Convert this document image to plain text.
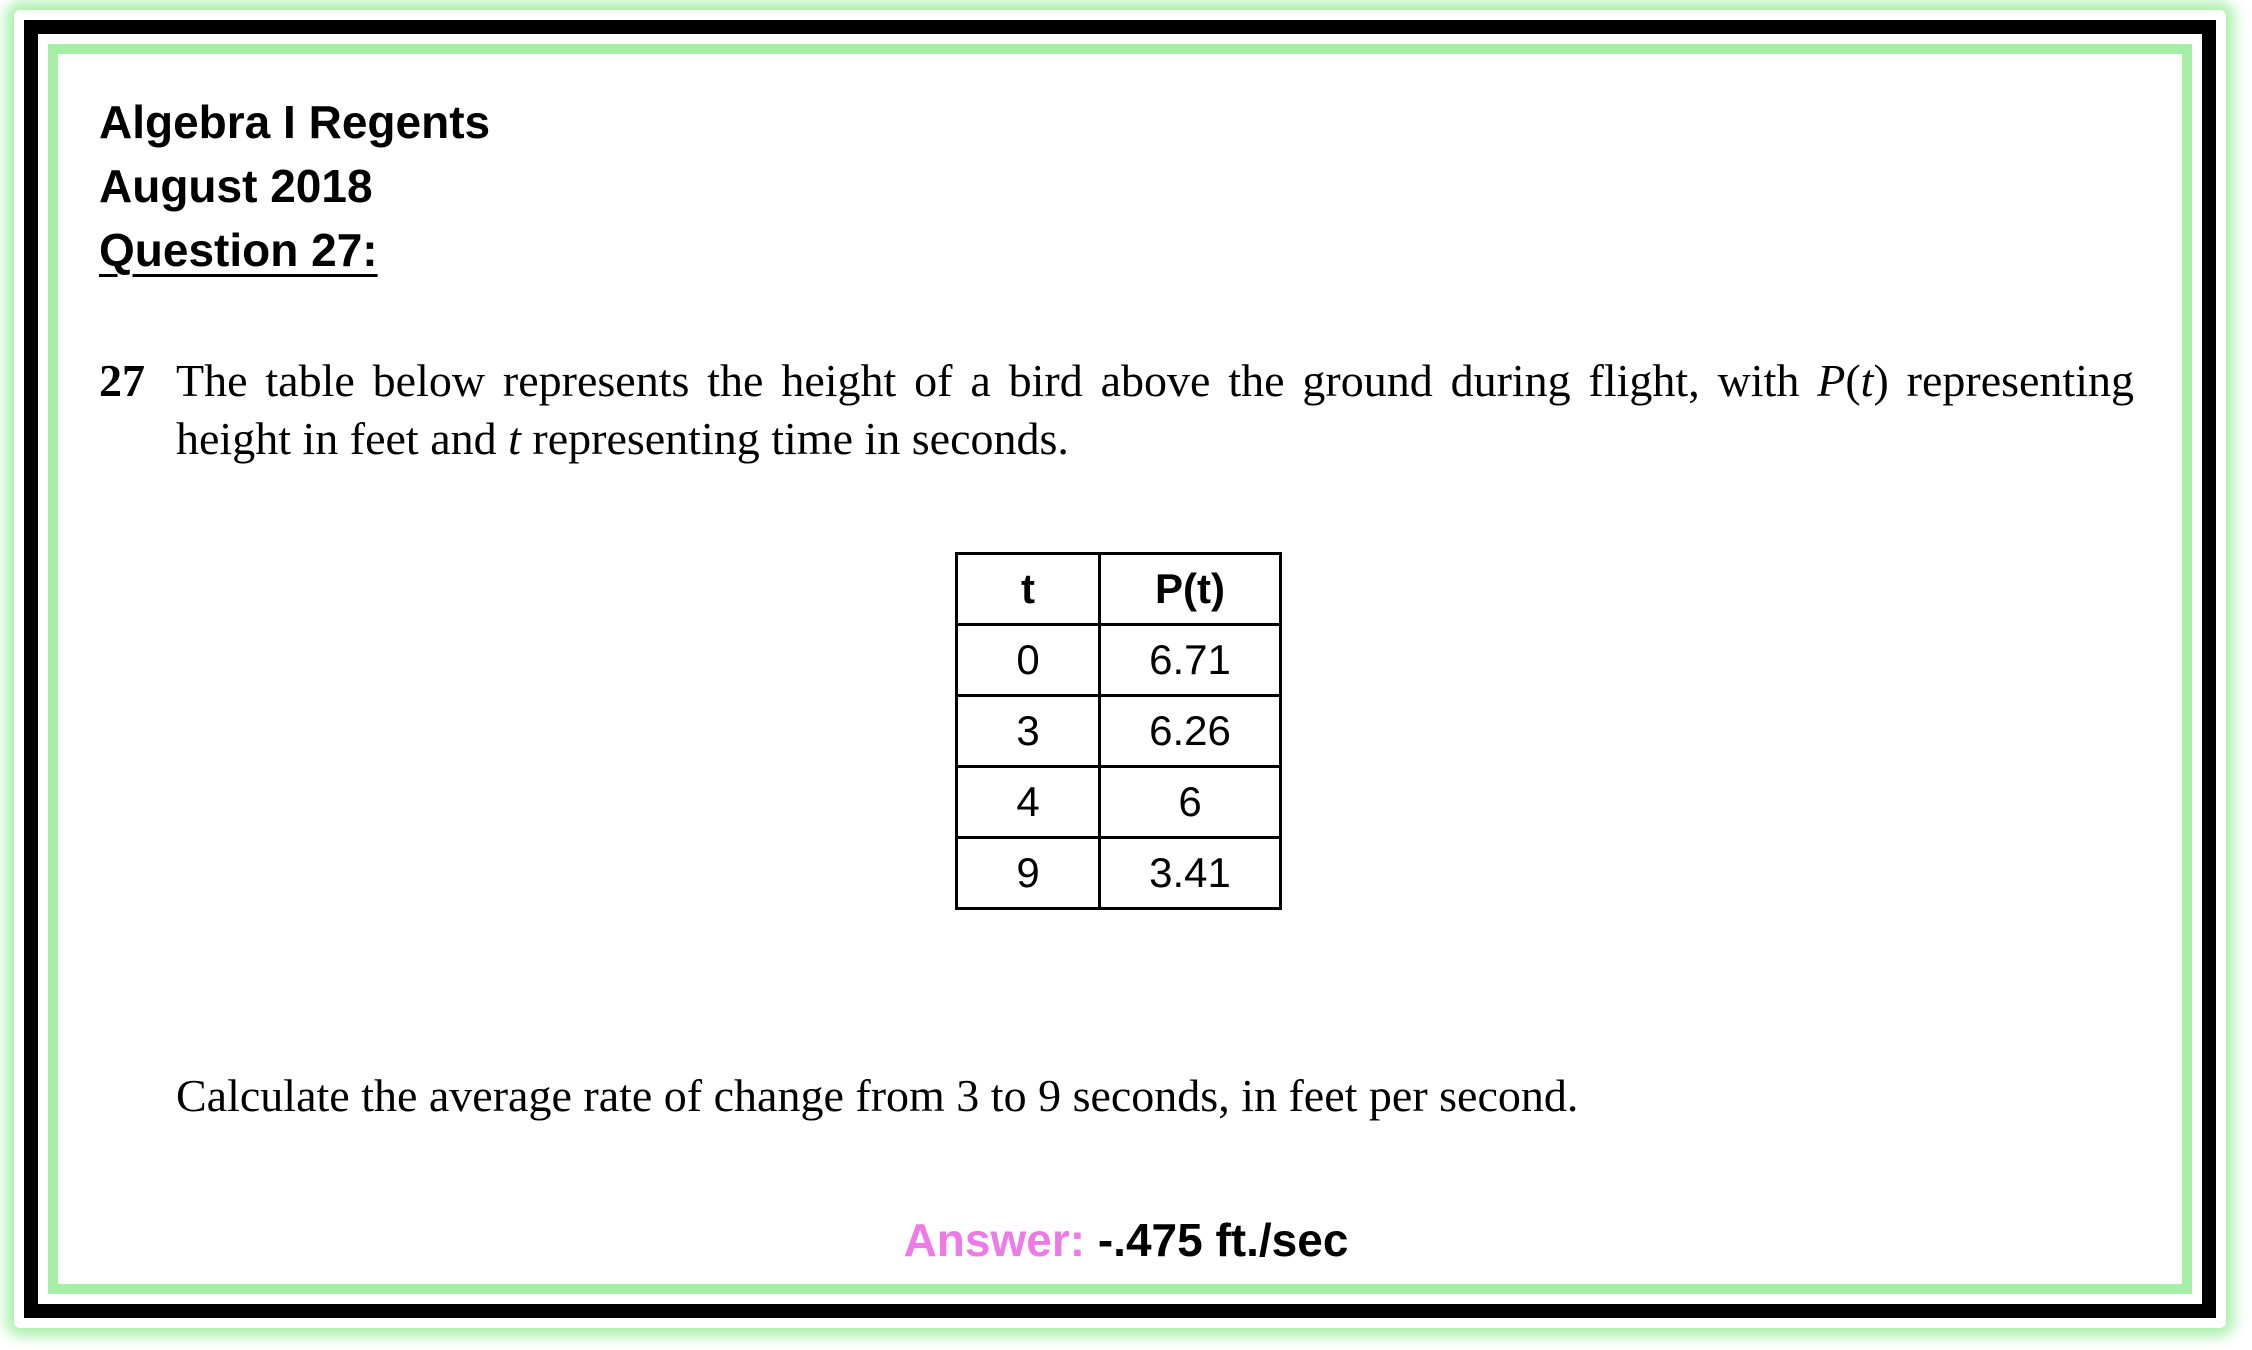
Algebra I Regents
August 2018
Question 27:
27 The table below represents the height of a bird above the ground during flight, with P(t) representing height in feet and t representing time in seconds.
t	P(t)
0	6.71
3	6.26
4	6
9	3.41
Calculate the average rate of change from 3 to 9 seconds, in feet per second.
Answer: -.475 ft./sec
